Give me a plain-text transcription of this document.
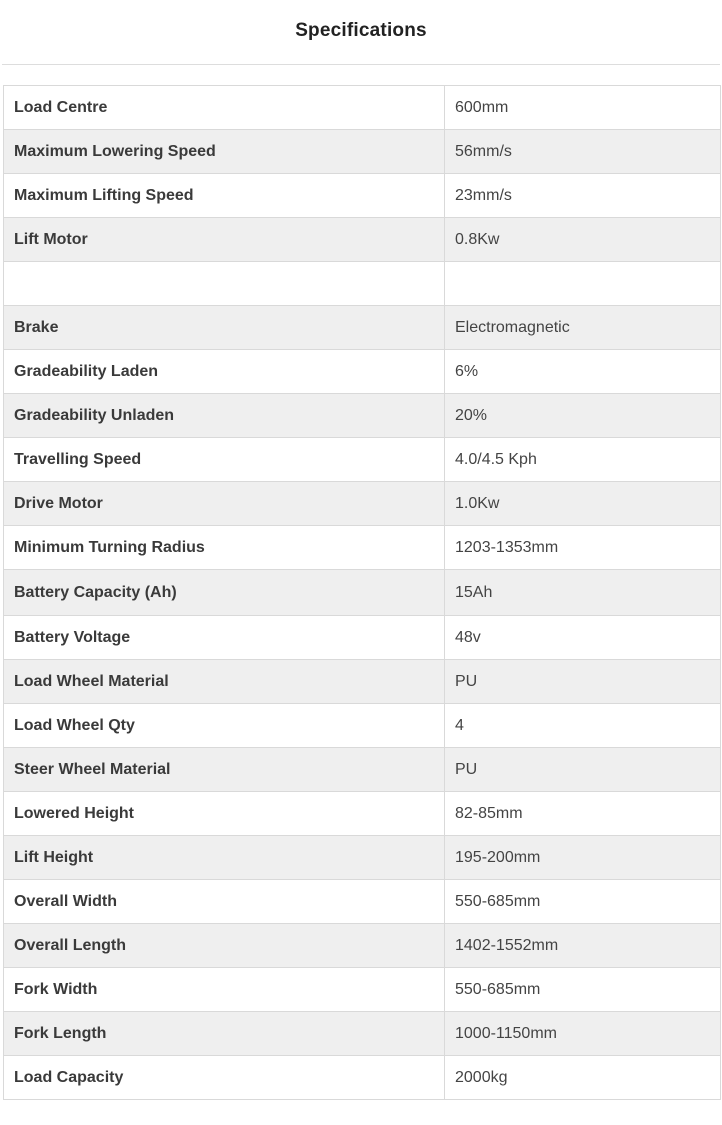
Specifications
Load Centre	600mm
Maximum Lowering Speed	56mm/s
Maximum Lifting Speed	23mm/s
Lift Motor	0.8Kw

Brake	Electromagnetic
Gradeability Laden	6%
Gradeability Unladen	20%
Travelling Speed	4.0/4.5 Kph
Drive Motor	1.0Kw
Minimum Turning Radius	1203-1353mm
Battery Capacity (Ah)	15Ah
Battery Voltage	48v
Load Wheel Material	PU
Load Wheel Qty	4
Steer Wheel Material	PU
Lowered Height	82-85mm
Lift Height	195-200mm
Overall Width	550-685mm
Overall Length	1402-1552mm
Fork Width	550-685mm
Fork Length	1000-1150mm
Load Capacity	2000kg
